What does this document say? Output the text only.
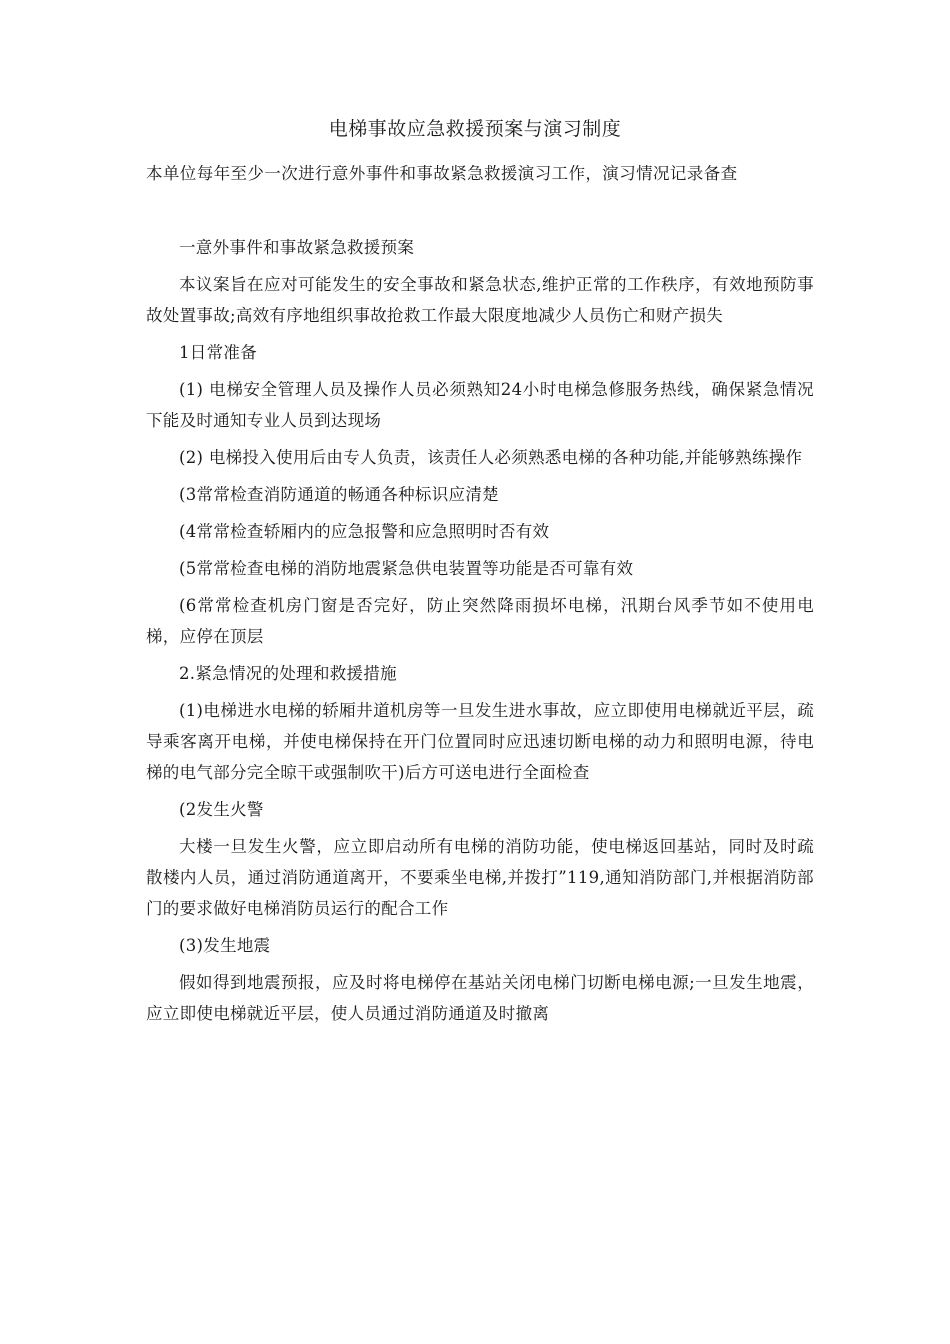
电梯事故应急救援预案与演习制度
本单位每年至少一次进行意外事件和事故紧急救援演习工作，演习情况记录备查

一意外事件和事故紧急救援预案

本议案旨在应对可能发生的安全事故和紧急状态,维护正常的工作秩序，有效地预防事故处置事故;高效有序地组织事故抢救工作最大限度地减少人员伤亡和财产损失

1日常准备

(1) 电梯安全管理人员及操作人员必须熟知24小时电梯急修服务热线，确保紧急情况下能及时通知专业人员到达现场

(2) 电梯投入使用后由专人负责，该责任人必须熟悉电梯的各种功能,并能够熟练操作

(3常常检查消防通道的畅通各种标识应清楚

(4常常检查轿厢内的应急报警和应急照明时否有效

(5常常检查电梯的消防地震紧急供电装置等功能是否可靠有效

(6常常检查机房门窗是否完好，防止突然降雨损坏电梯，汛期台风季节如不使用电梯，应停在顶层

2.紧急情况的处理和救援措施

(1)电梯进水电梯的轿厢井道机房等一旦发生进水事故，应立即使用电梯就近平层，疏导乘客离开电梯，并使电梯保持在开门位置同时应迅速切断电梯的动力和照明电源，待电梯的电气部分完全晾干或强制吹干)后方可送电进行全面检查

(2发生火警

大楼一旦发生火警，应立即启动所有电梯的消防功能，使电梯返回基站，同时及时疏散楼内人员，通过消防通道离开，不要乘坐电梯,并拨打”119,通知消防部门,并根据消防部门的要求做好电梯消防员运行的配合工作

(3)发生地震

假如得到地震预报，应及时将电梯停在基站关闭电梯门切断电梯电源;一旦发生地震，应立即使电梯就近平层，使人员通过消防通道及时撤离
